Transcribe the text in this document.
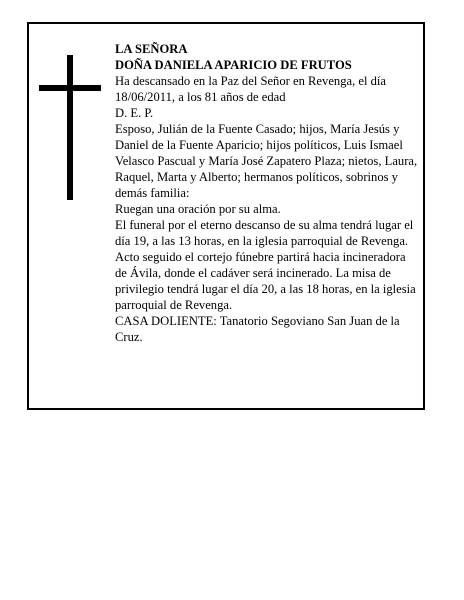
LA SEÑORA

DOÑA DANIELA APARICIO DE FRUTOS

Ha descansado en la Paz del Señor en Revenga, el día 18/06/2011, a los 81 años de edad

D. E. P.

Esposo, Julián de la Fuente Casado; hijos, María Jesús y Daniel de la Fuente Aparicio; hijos políticos, Luis Ismael Velasco Pascual y María José Zapatero Plaza; nietos, Laura, Raquel, Marta y Alberto; hermanos políticos, sobrinos y demás familia:

Ruegan una oración por su alma.

El funeral por el eterno descanso de su alma tendrá lugar el día 19, a las 13 horas, en la iglesia parroquial de Revenga. Acto seguido el cortejo fúnebre partirá hacia incineradora de Ávila, donde el cadáver será incinerado. La misa de privilegio tendrá lugar el día 20, a las 18 horas, en la iglesia parroquial de Revenga.

CASA DOLIENTE: Tanatorio Segoviano San Juan de la Cruz.
